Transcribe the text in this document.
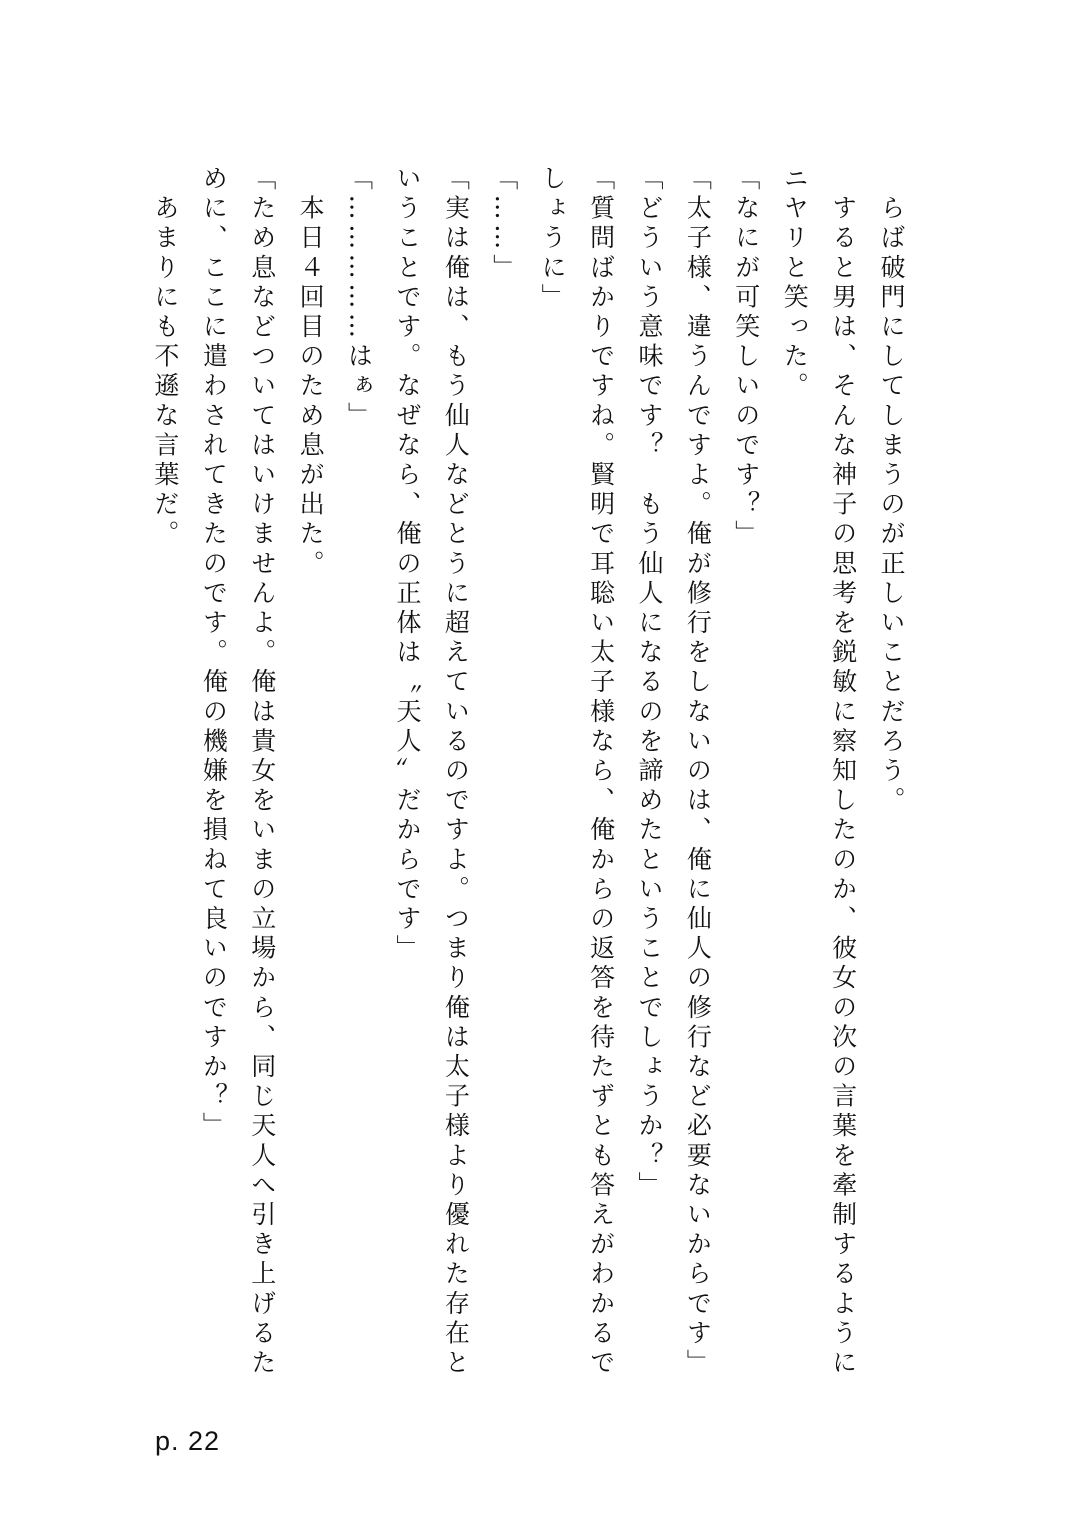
　らば破門にしてしまうのが正しいことだろう。

　すると男は、そんな神子の思考を鋭敏に察知したのか、彼女の次の言葉を牽制するように

ニヤリと笑った。

「なにが可笑しいのです？」

「太子様、違うんですよ。俺が修行をしないのは、俺に仙人の修行など必要ないからです」

「どういう意味です？　もう仙人になるのを諦めたということでしょうか？」

「質問ばかりですね。賢明で耳聡い太子様なら、俺からの返答を待たずとも答えがわかるで

しょうに」

「……」

「実は俺は、もう仙人などとうに超えているのですよ。つまり俺は太子様より優れた存在と

いうことです。なぜなら、俺の正体は〝天人〟だからです」

「……………はぁ」

　本日４回目のため息が出た。

「ため息などついてはいけませんよ。俺は貴女をいまの立場から、同じ天人へ引き上げるた

めに、ここに遣わされてきたのです。俺の機嫌を損ねて良いのですか？」

　あまりにも不遜な言葉だ。

p. 22
